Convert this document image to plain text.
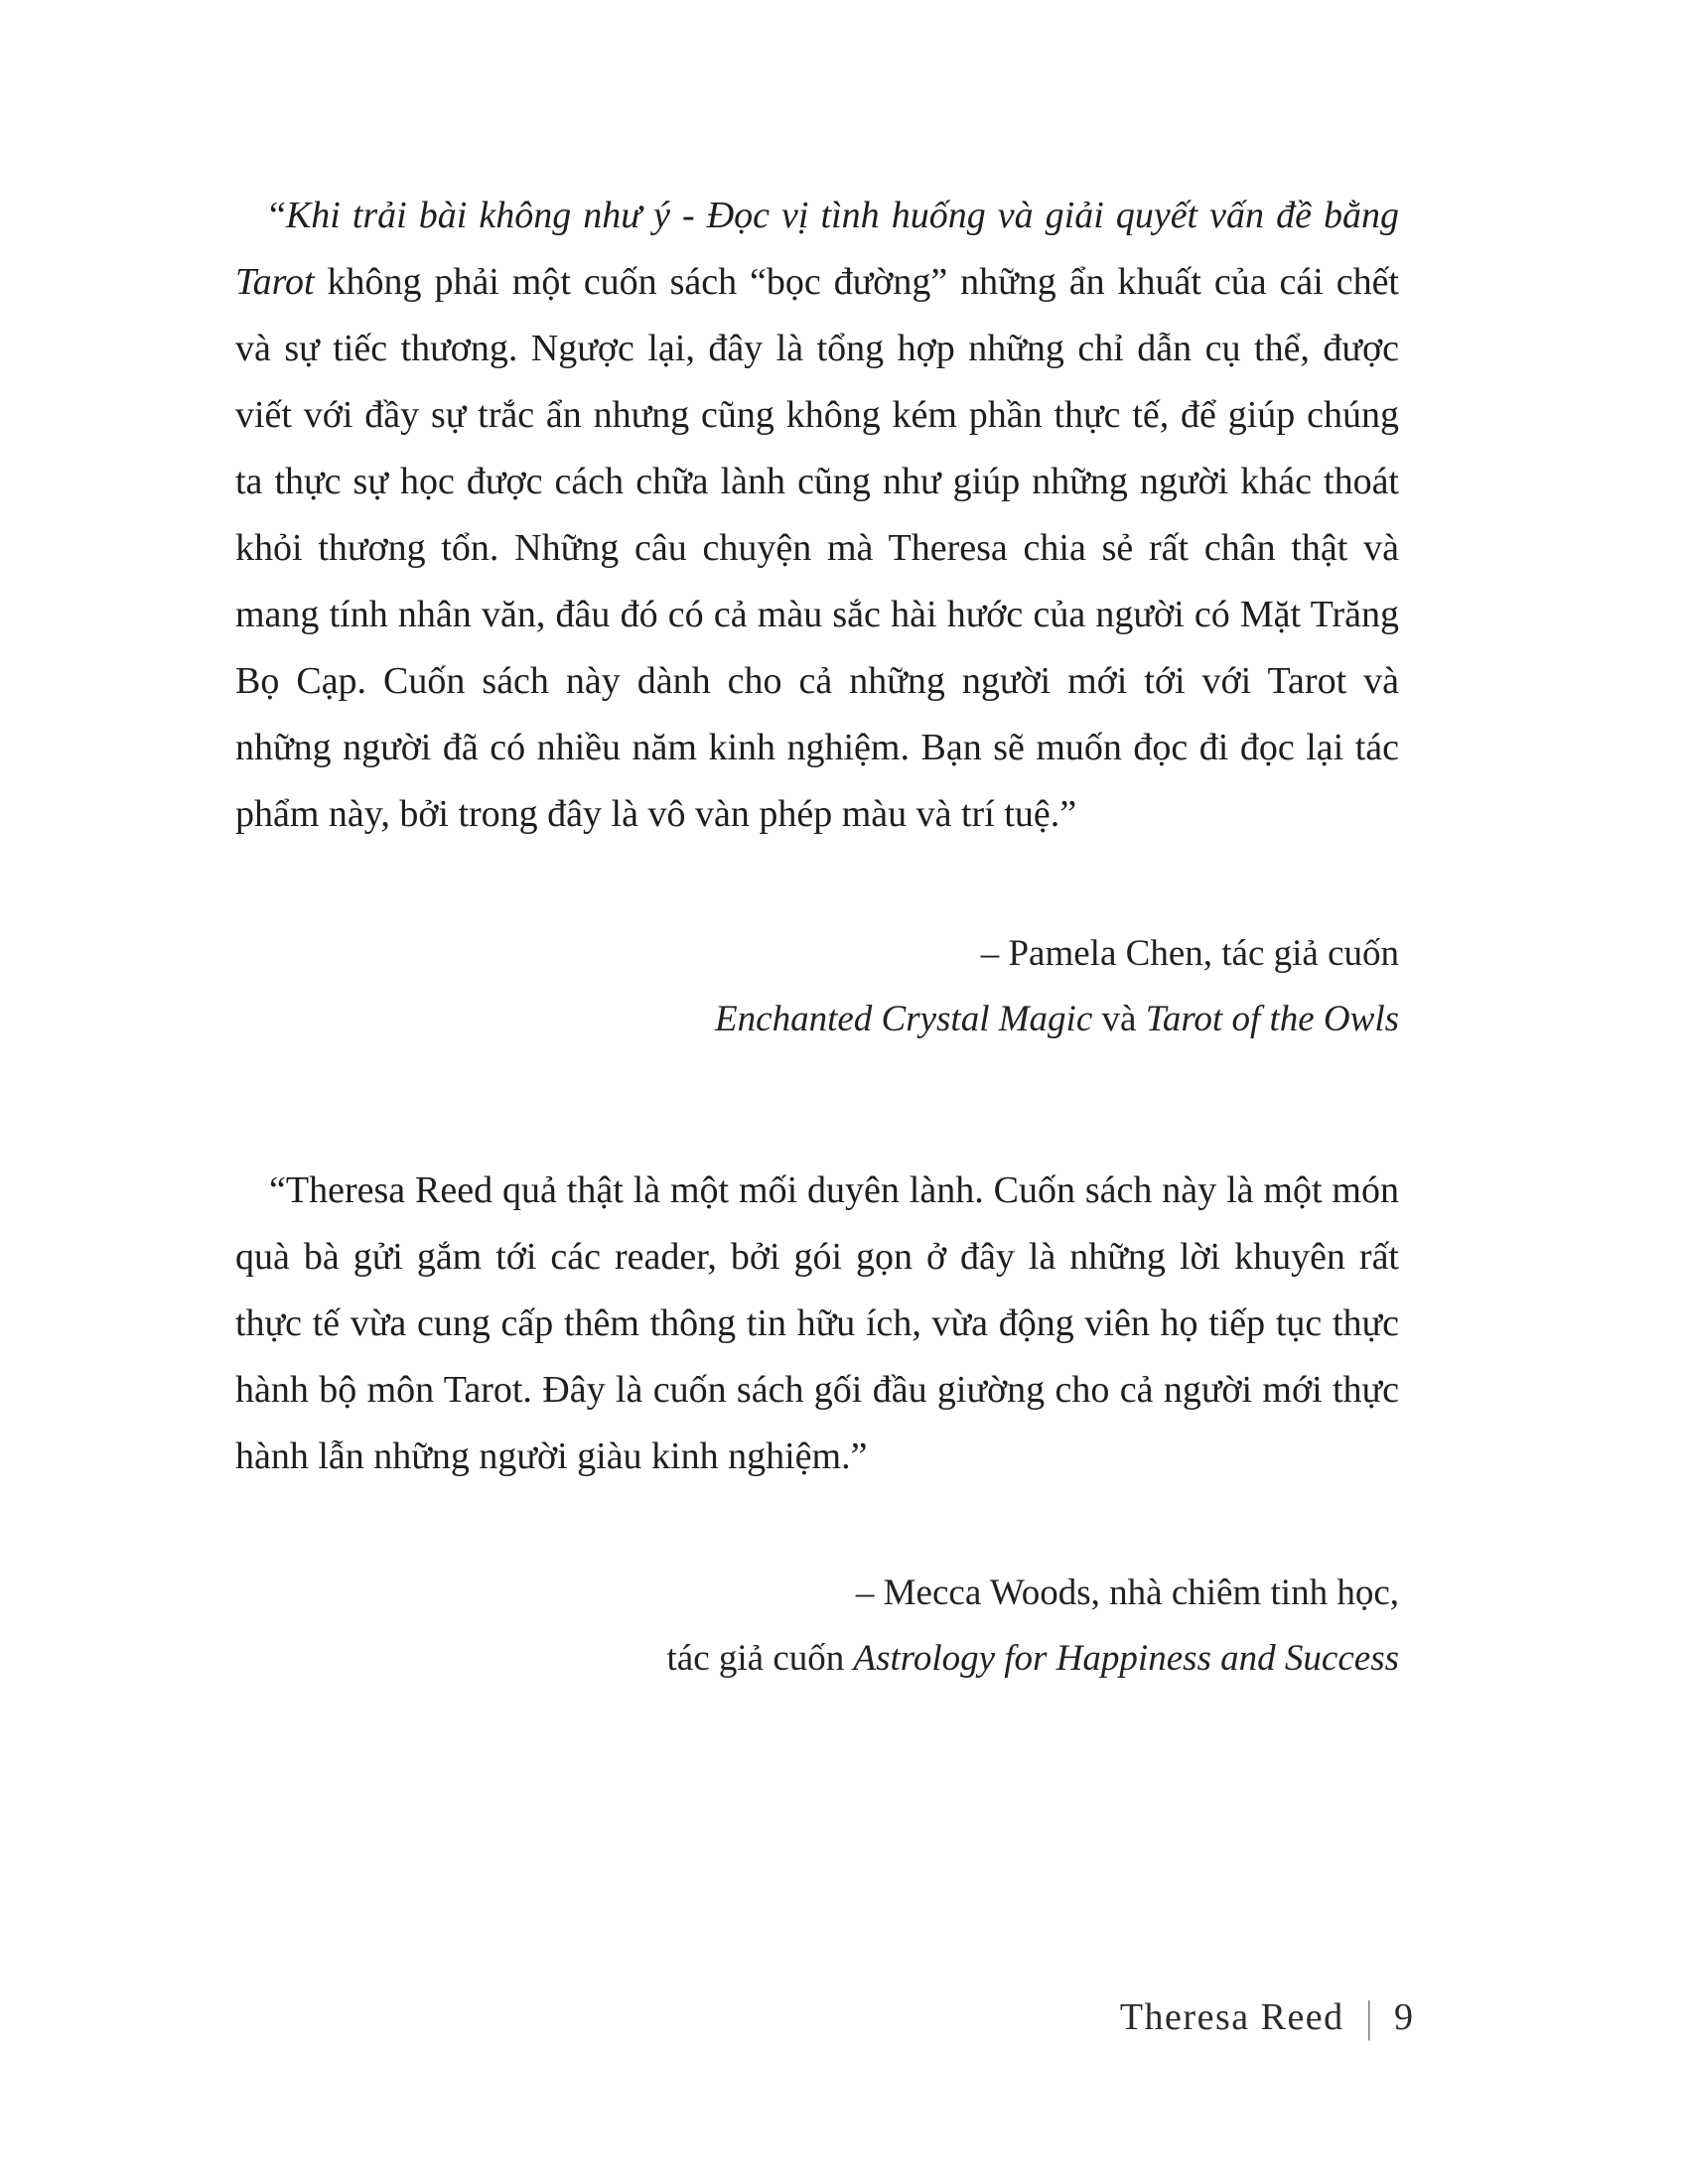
“Khi trải bài không như ý - Đọc vị tình huống và giải quyết vấn đề bằng Tarot không phải một cuốn sách “bọc đường” những ẩn khuất của cái chết và sự tiếc thương. Ngược lại, đây là tổng hợp những chỉ dẫn cụ thể, được viết với đầy sự trắc ẩn nhưng cũng không kém phần thực tế, để giúp chúng ta thực sự học được cách chữa lành cũng như giúp những người khác thoát khỏi thương tổn. Những câu chuyện mà Theresa chia sẻ rất chân thật và mang tính nhân văn, đâu đó có cả màu sắc hài hước của người có Mặt Trăng Bọ Cạp. Cuốn sách này dành cho cả những người mới tới với Tarot và những người đã có nhiều năm kinh nghiệm. Bạn sẽ muốn đọc đi đọc lại tác phẩm này, bởi trong đây là vô vàn phép màu và trí tuệ.”

– Pamela Chen, tác giả cuốn
Enchanted Crystal Magic và Tarot of the Owls

“Theresa Reed quả thật là một mối duyên lành. Cuốn sách này là một món quà bà gửi gắm tới các reader, bởi gói gọn ở đây là những lời khuyên rất thực tế vừa cung cấp thêm thông tin hữu ích, vừa động viên họ tiếp tục thực hành bộ môn Tarot. Đây là cuốn sách gối đầu giường cho cả người mới thực hành lẫn những người giàu kinh nghiệm.”

– Mecca Woods, nhà chiêm tinh học,
tác giả cuốn Astrology for Happiness and Success
Theresa Reed | 9
